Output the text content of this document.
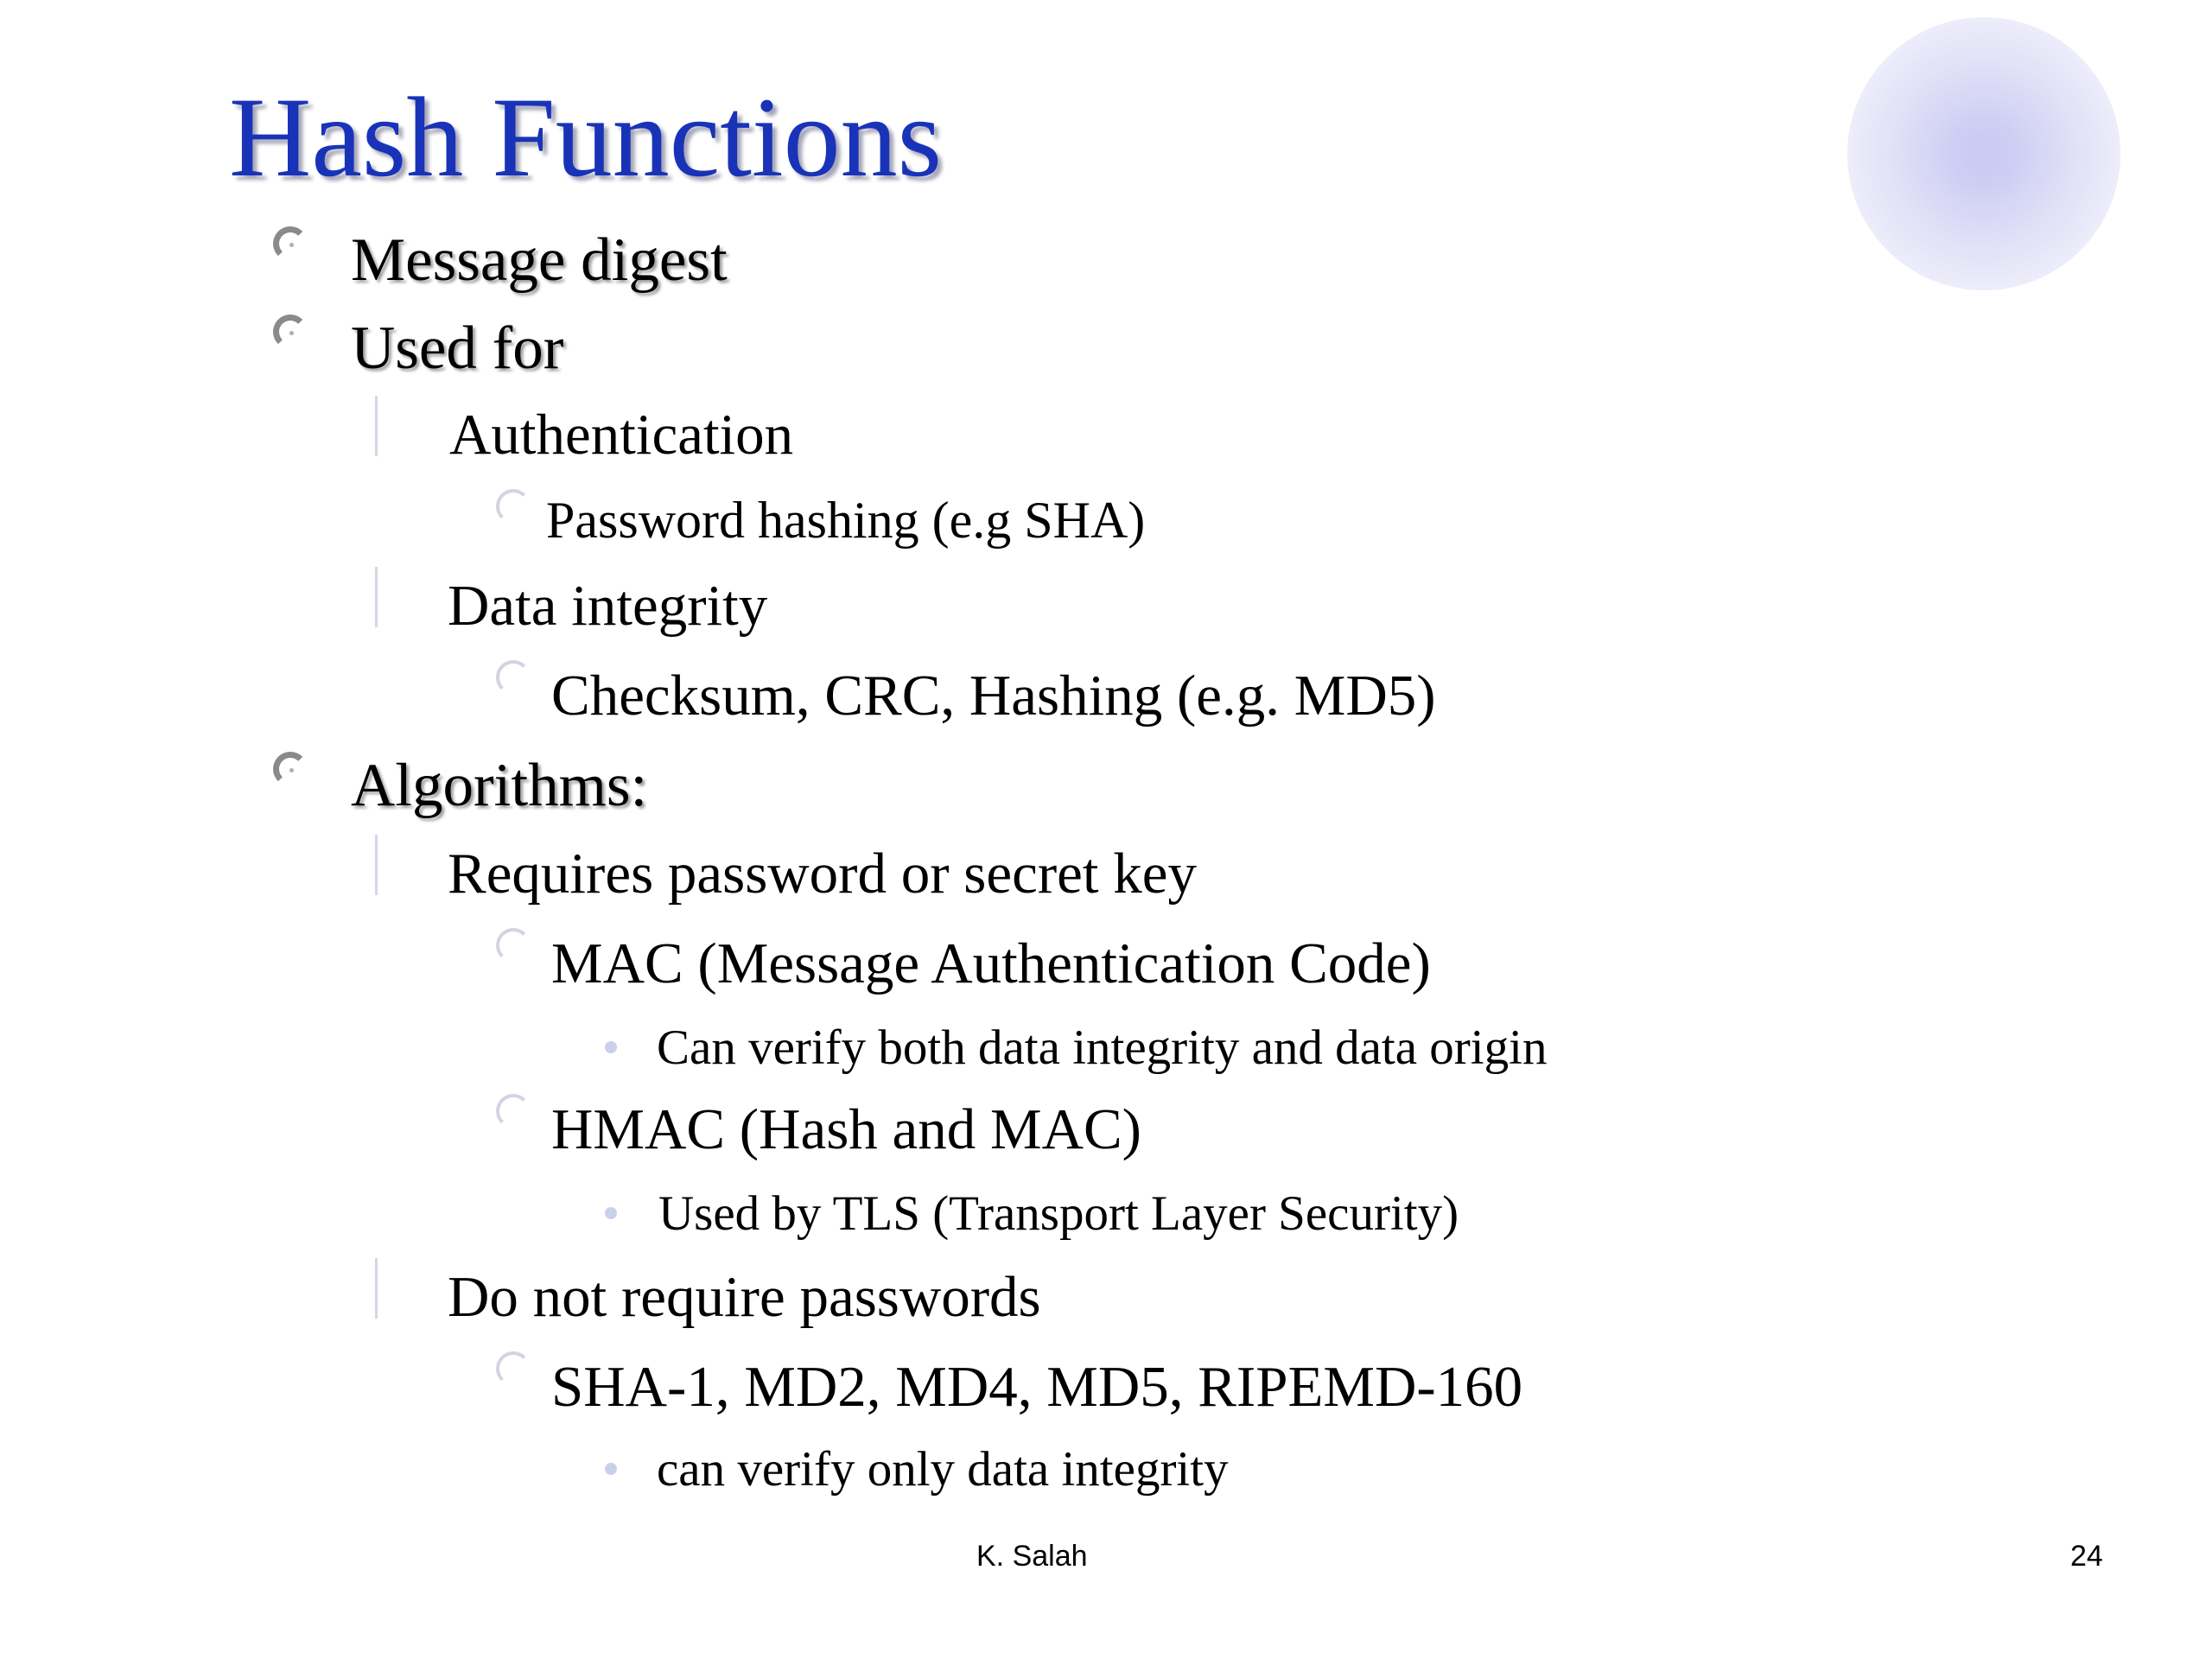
Hash Functions
Message digest
Used for
Authentication
Password hashing (e.g SHA)
Data integrity
Checksum, CRC, Hashing (e.g. MD5)
Algorithms:
Requires password or secret key
MAC (Message Authentication Code)
Can verify both data integrity and data origin
HMAC (Hash and MAC)
Used by TLS (Transport Layer Security)
Do not require passwords
SHA-1, MD2, MD4, MD5, RIPEMD-160
can verify only data integrity
K. Salah	24
